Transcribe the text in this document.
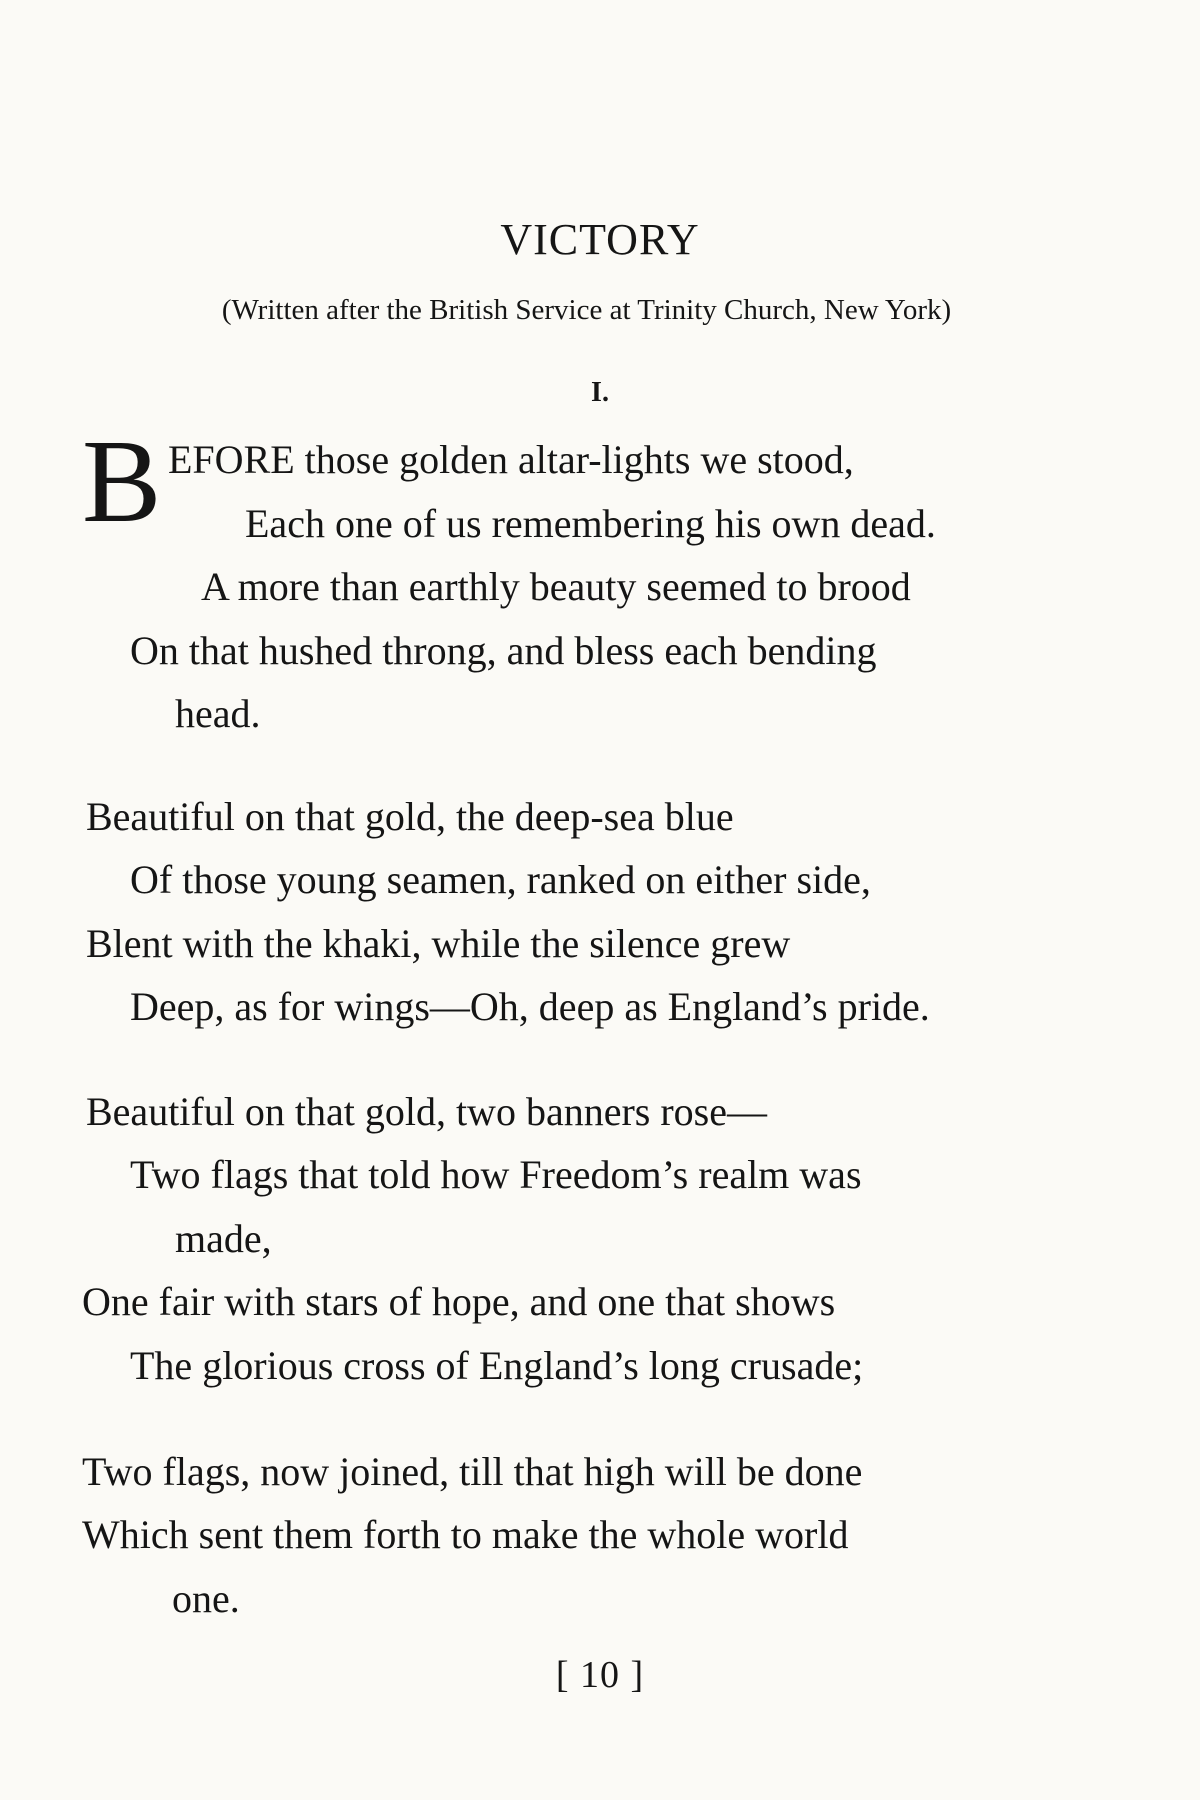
VICTORY
(Written after the British Service at Trinity Church, New York)
I.
B EFORE those golden altar-lights we stood,
Each one of us remembering his own dead.
A more than earthly beauty seemed to brood
On that hushed throng, and bless each bending
head.
Beautiful on that gold, the deep-sea blue
Of those young seamen, ranked on either side,
Blent with the khaki, while the silence grew
Deep, as for wings—Oh, deep as England’s pride.
Beautiful on that gold, two banners rose—
Two flags that told how Freedom’s realm was
made,
One fair with stars of hope, and one that shows
The glorious cross of England’s long crusade;
Two flags, now joined, till that high will be done
Which sent them forth to make the whole world
one.
[ 10 ]
